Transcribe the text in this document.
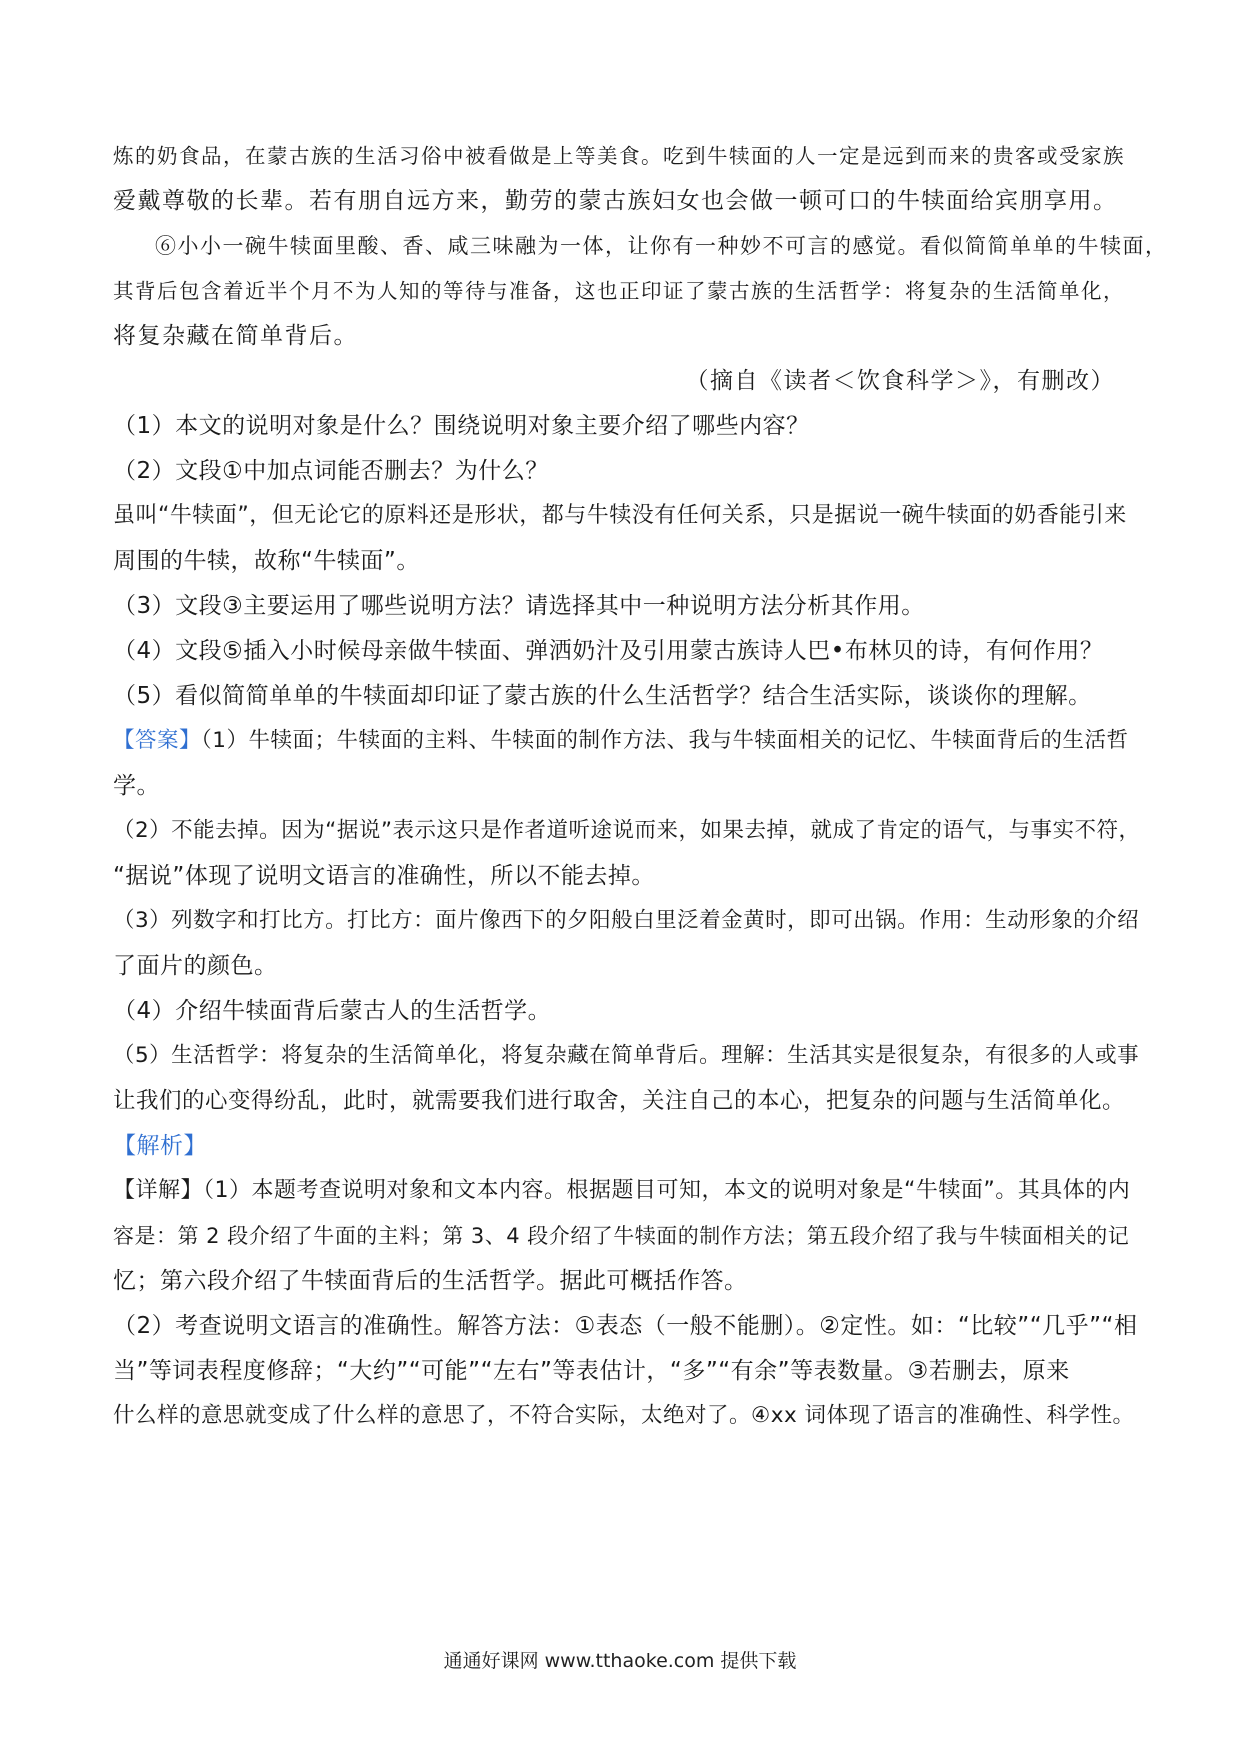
炼的奶食品，在蒙古族的生活习俗中被看做是上等美食。吃到牛犊面的人一定是远到而来的贵客或受家族
爱戴尊敬的长辈。若有朋自远方来，勤劳的蒙古族妇女也会做一顿可口的牛犊面给宾朋享用。
⑥小小一碗牛犊面里酸、香、咸三味融为一体，让你有一种妙不可言的感觉。看似简简单单的牛犊面，
其背后包含着近半个月不为人知的等待与准备，这也正印证了蒙古族的生活哲学：将复杂的生活简单化，
将复杂藏在简单背后。
（摘自《读者＜饮食科学＞》，有删改）
（1）本文的说明对象是什么？围绕说明对象主要介绍了哪些内容？
（2）文段①中加点词能否删去？为什么？
虽叫“牛犊面”，但无论它的原料还是形状，都与牛犊没有任何关系，只是据说一碗牛犊面的奶香能引来
周围的牛犊，故称“牛犊面”。
（3）文段③主要运用了哪些说明方法？请选择其中一种说明方法分析其作用。
（4）文段⑤插入小时候母亲做牛犊面、弹洒奶汁及引用蒙古族诗人巴•布林贝的诗，有何作用？
（5）看似简简单单的牛犊面却印证了蒙古族的什么生活哲学？结合生活实际，谈谈你的理解。
【答案】（1）牛犊面；牛犊面的主料、牛犊面的制作方法、我与牛犊面相关的记忆、牛犊面背后的生活哲
学。
（2）不能去掉。因为“据说”表示这只是作者道听途说而来，如果去掉，就成了肯定的语气，与事实不符，
“据说”体现了说明文语言的准确性，所以不能去掉。
（3）列数字和打比方。打比方：面片像西下的夕阳般白里泛着金黄时，即可出锅。作用：生动形象的介绍
了面片的颜色。
（4）介绍牛犊面背后蒙古人的生活哲学。
（5）生活哲学：将复杂的生活简单化，将复杂藏在简单背后。理解：生活其实是很复杂，有很多的人或事
让我们的心变得纷乱，此时，就需要我们进行取舍，关注自己的本心，把复杂的问题与生活简单化。
【解析】
【详解】（1）本题考查说明对象和文本内容。根据题目可知，本文的说明对象是“牛犊面”。其具体的内
容是：第 2 段介绍了牛面的主料；第 3、4 段介绍了牛犊面的制作方法；第五段介绍了我与牛犊面相关的记
忆；第六段介绍了牛犊面背后的生活哲学。据此可概括作答。
（2）考查说明文语言的准确性。解答方法：①表态（一般不能删）。②定性。如：“比较”“几乎”“相
当”等词表程度修辞；“大约”“可能”“左右”等表估计，“多”“有余”等表数量。③若删去，原来
什么样的意思就变成了什么样的意思了，不符合实际，太绝对了。④xx 词体现了语言的准确性、科学性。
通通好课网 www.tthaoke.com 提供下载
